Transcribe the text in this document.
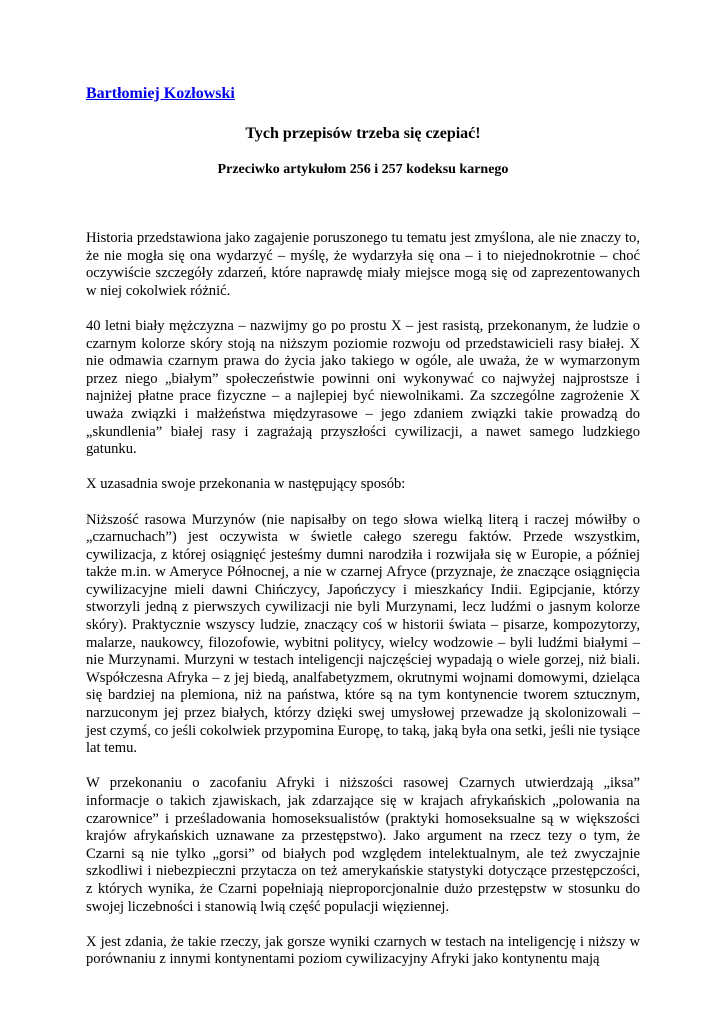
Bartłomiej Kozłowski
Tych przepisów trzeba się czepiać!
Przeciwko artykułom 256 i 257 kodeksu karnego

Historia przedstawiona jako zagajenie poruszonego tu tematu jest zmyślona, ale nie znaczy to, że nie mogła się ona wydarzyć – myślę, że wydarzyła się ona – i to niejednokrotnie – choć oczywiście szczegóły zdarzeń, które naprawdę miały miejsce mogą się od zaprezentowanych w niej cokolwiek różnić.

40 letni biały mężczyzna – nazwijmy go po prostu X – jest rasistą, przekonanym, że ludzie o czarnym kolorze skóry stoją na niższym poziomie rozwoju od przedstawicieli rasy białej. X nie odmawia czarnym prawa do życia jako takiego w ogóle, ale uważa, że w wymarzonym przez niego „białym” społeczeństwie powinni oni wykonywać co najwyżej najprostsze i najniżej płatne prace fizyczne – a najlepiej być niewolnikami. Za szczególne zagrożenie X uważa związki i małżeństwa międzyrasowe – jego zdaniem związki takie prowadzą do „skundlenia” białej rasy i zagrażają przyszłości cywilizacji, a nawet samego ludzkiego gatunku.

X uzasadnia swoje przekonania w następujący sposób:

Niższość rasowa Murzynów (nie napisałby on tego słowa wielką literą i raczej mówiłby o „czarnuchach”) jest oczywista w świetle całego szeregu faktów. Przede wszystkim, cywilizacja, z której osiągnięć jesteśmy dumni narodziła i rozwijała się w Europie, a później także m.in. w Ameryce Północnej, a nie w czarnej Afryce (przyznaje, że znaczące osiągnięcia cywilizacyjne mieli dawni Chińczycy, Japończycy i mieszkańcy Indii. Egipcjanie, którzy stworzyli jedną z pierwszych cywilizacji nie byli Murzynami, lecz ludźmi o jasnym kolorze skóry). Praktycznie wszyscy ludzie, znaczący coś w historii świata – pisarze, kompozytorzy, malarze, naukowcy, filozofowie, wybitni politycy, wielcy wodzowie – byli ludźmi białymi – nie Murzynami. Murzyni w testach inteligencji najczęściej wypadają o wiele gorzej, niż biali. Współczesna Afryka – z jej biedą, analfabetyzmem, okrutnymi wojnami domowymi, dzieląca się bardziej na plemiona, niż na państwa, które są na tym kontynencie tworem sztucznym, narzuconym jej przez białych, którzy dzięki swej umysłowej przewadze ją skolonizowali – jest czymś, co jeśli cokolwiek przypomina Europę, to taką, jaką była ona setki, jeśli nie tysiące lat temu.

W przekonaniu o zacofaniu Afryki i niższości rasowej Czarnych utwierdzają „iksa” informacje o takich zjawiskach, jak zdarzające się w krajach afrykańskich „polowania na czarownice” i prześladowania homoseksualistów (praktyki homoseksualne są w większości krajów afrykańskich uznawane za przestępstwo). Jako argument na rzecz tezy o tym, że Czarni są nie tylko „gorsi” od białych pod względem intelektualnym, ale też zwyczajnie szkodliwi i niebezpieczni przytacza on też amerykańskie statystyki dotyczące przestępczości, z których wynika, że Czarni popełniają nieproporcjonalnie dużo przestępstw w stosunku do swojej liczebności i stanowią lwią część populacji więziennej.

X jest zdania, że takie rzeczy, jak gorsze wyniki czarnych w testach na inteligencję i niższy w porównaniu z innymi kontynentami poziom cywilizacyjny Afryki jako kontynentu mają
